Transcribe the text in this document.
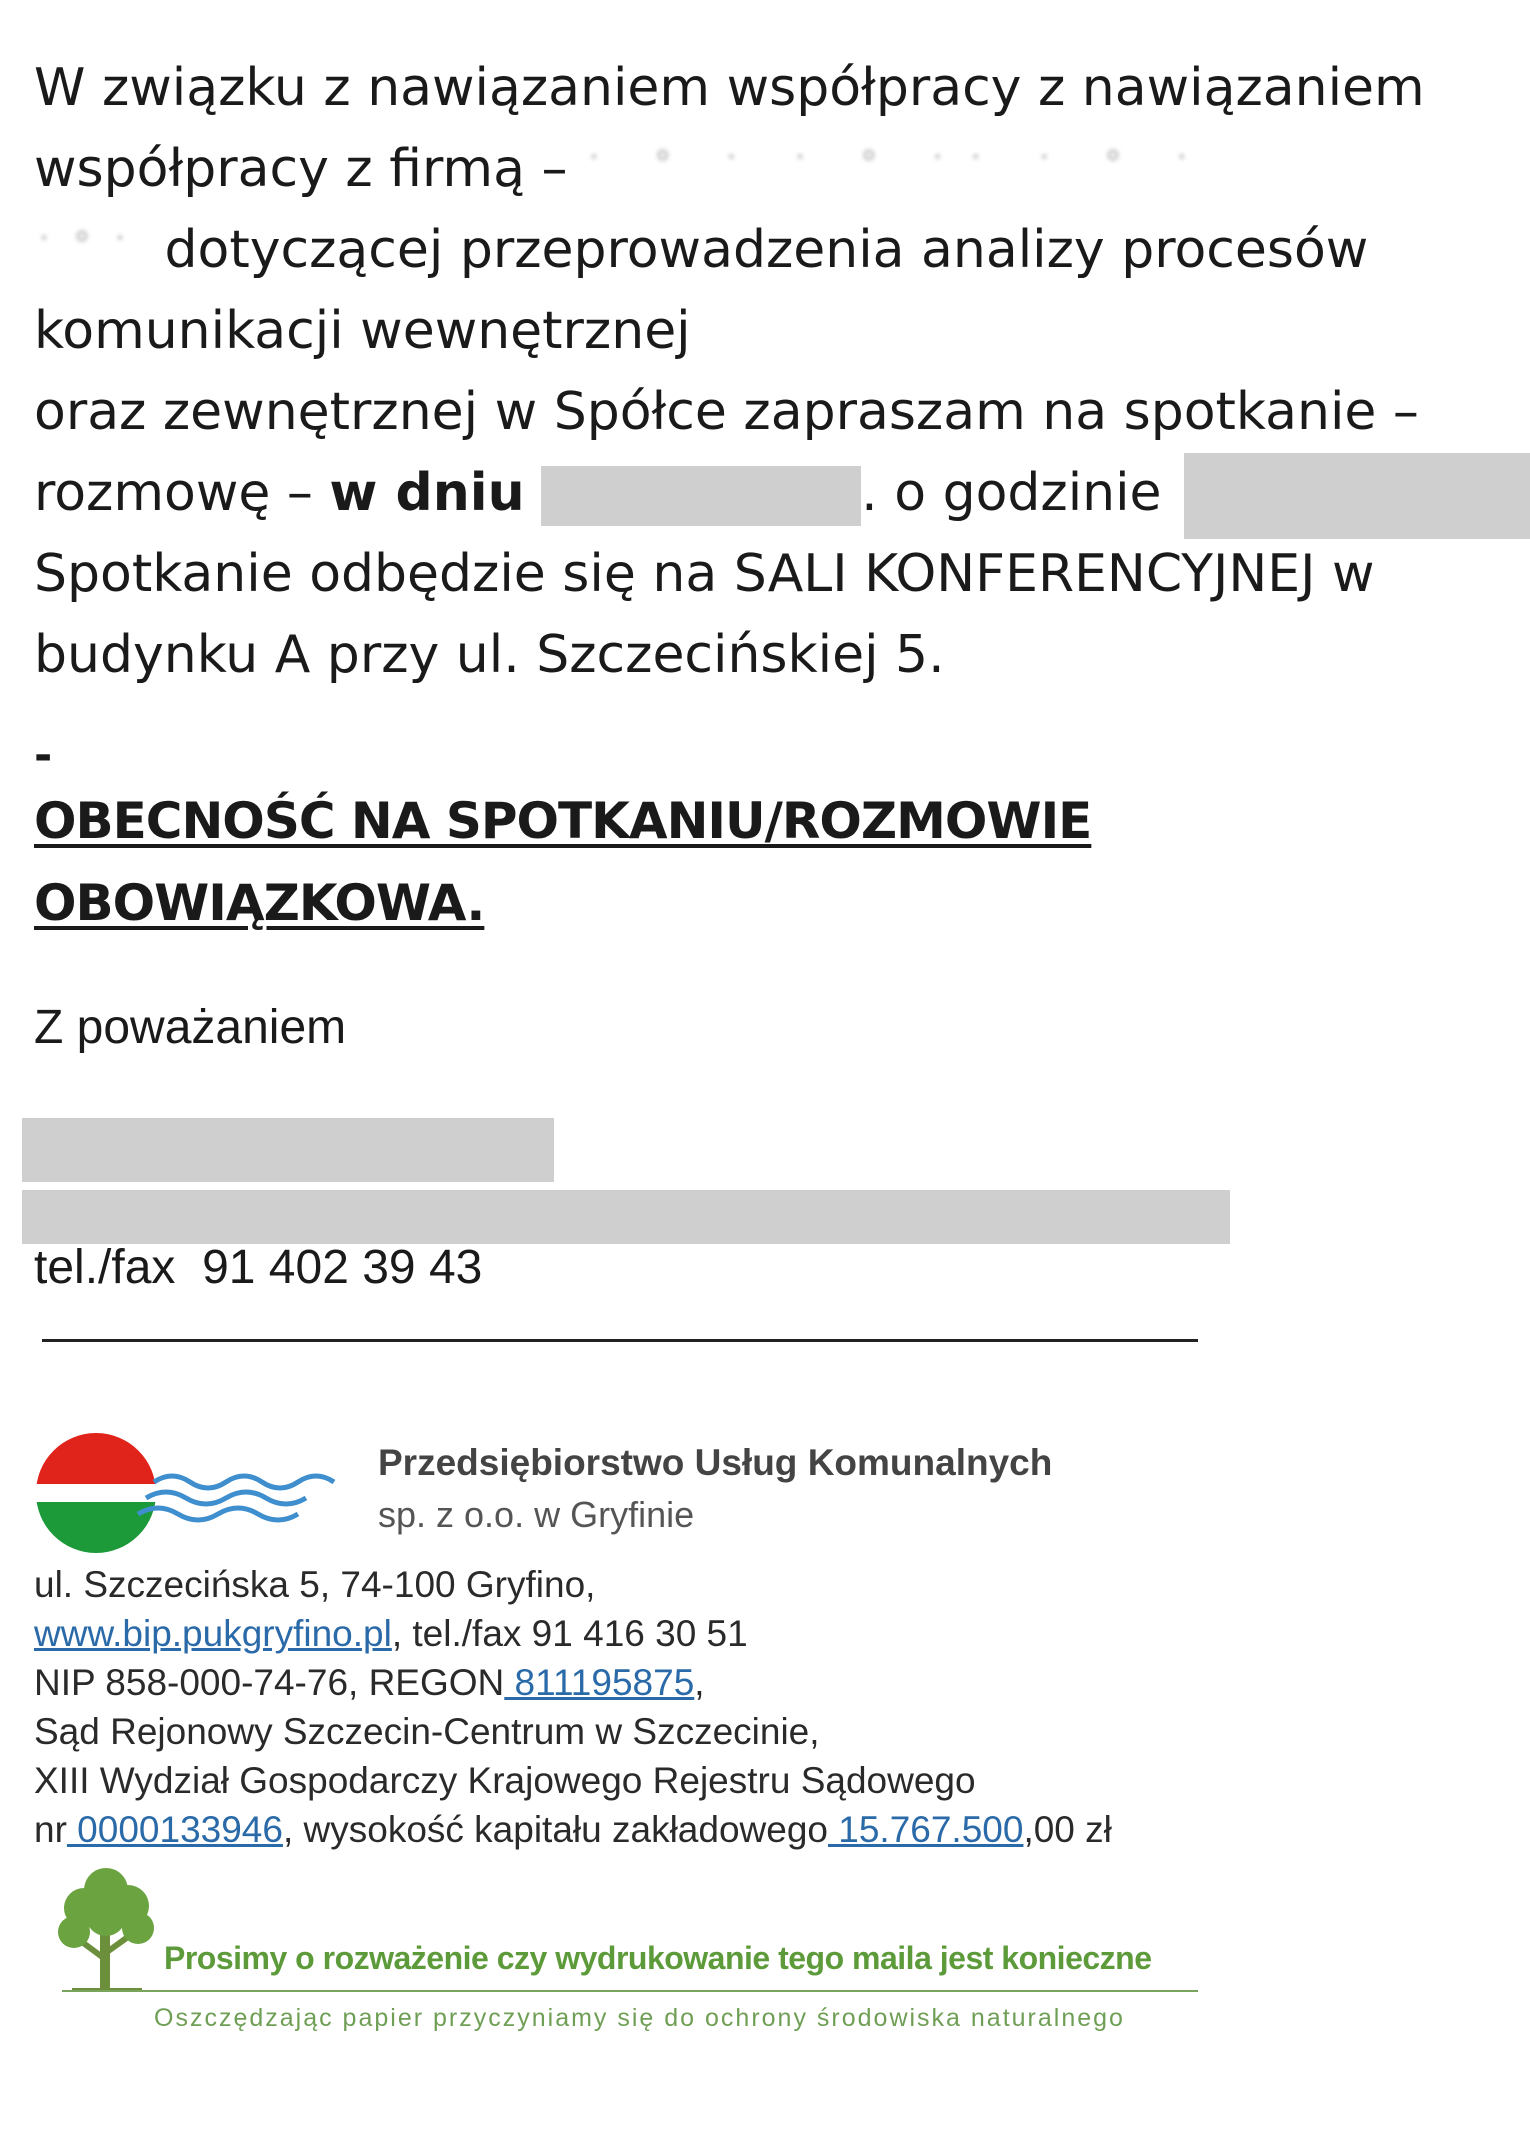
W związku z nawiązaniem współpracy z nawiązaniem
współpracy z firmą – ˙ ˚ ˙ ˙ ˚ ˙˙ ˙ ˚ ˙
˙˚˙ dotyczącej przeprowadzenia analizy procesów
komunikacji wewnętrznej
oraz zewnętrznej w Spółce zapraszam na spotkanie –
rozmowę – w dniu	. o godzinie
Spotkanie odbędzie się na SALI KONFERENCYJNEJ w
budynku A przy ul. Szczecińskiej 5.
-
OBECNOŚĆ NA SPOTKANIU/ROZMOWIE
OBOWIĄZKOWA.
Z poważaniem
tel./fax  91 402 39 43
Przedsiębiorstwo Usług Komunalnych
sp. z o.o. w Gryfinie
ul. Szczecińska 5, 74-100 Gryfino,
www.bip.pukgryfino.pl, tel./fax 91 416 30 51
NIP 858-000-74-76, REGON 811195875,
Sąd Rejonowy Szczecin-Centrum w Szczecinie,
XIII Wydział Gospodarczy Krajowego Rejestru Sądowego
nr 0000133946, wysokość kapitału zakładowego 15.767.500,00 zł
Prosimy o rozważenie czy wydrukowanie tego maila jest konieczne
Oszczędzając papier przyczyniamy się do ochrony środowiska naturalnego
